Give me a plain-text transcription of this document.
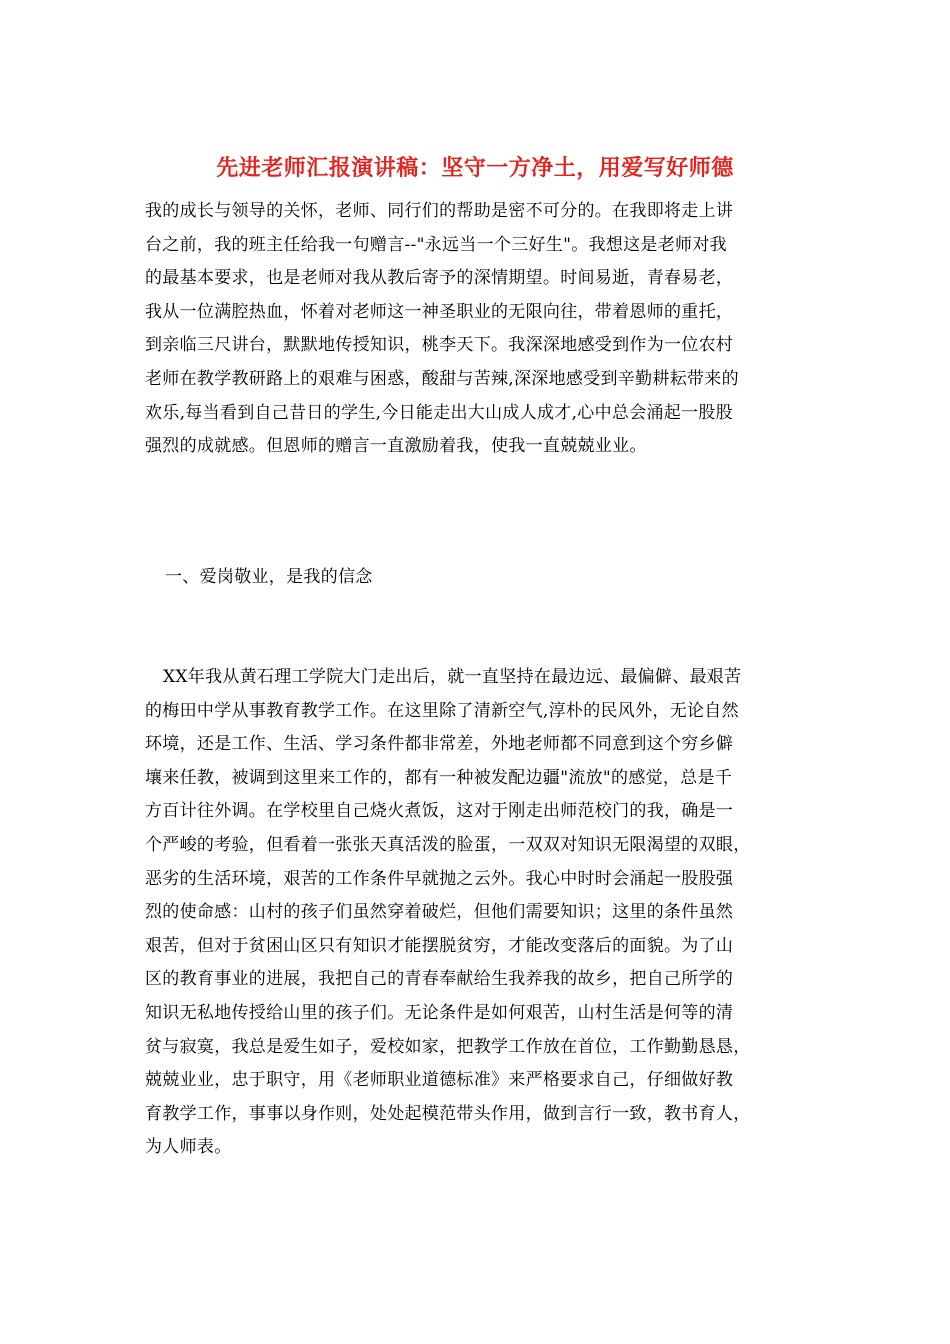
先进老师汇报演讲稿：坚守一方净土，用爱写好师德
我的成长与领导的关怀，老师、同行们的帮助是密不可分的。在我即将走上讲
台之前，我的班主任给我一句赠言--"永远当一个三好生"。我想这是老师对我
的最基本要求，也是老师对我从教后寄予的深情期望。时间易逝，青春易老，
我从一位满腔热血，怀着对老师这一神圣职业的无限向往，带着恩师的重托，
到亲临三尺讲台，默默地传授知识，桃李天下。我深深地感受到作为一位农村
老师在教学教研路上的艰难与困惑，酸甜与苦辣,深深地感受到辛勤耕耘带来的
欢乐,每当看到自己昔日的学生,今日能走出大山成人成才,心中总会涌起一股股
强烈的成就感。但恩师的赠言一直激励着我，使我一直兢兢业业。
一、爱岗敬业，是我的信念
XX年我从黄石理工学院大门走出后，就一直坚持在最边远、最偏僻、最艰苦
的梅田中学从事教育教学工作。在这里除了清新空气,淳朴的民风外，无论自然
环境，还是工作、生活、学习条件都非常差，外地老师都不同意到这个穷乡僻
壤来任教，被调到这里来工作的，都有一种被发配边疆"流放"的感觉，总是千
方百计往外调。在学校里自己烧火煮饭，这对于刚走出师范校门的我，确是一
个严峻的考验，但看着一张张天真活泼的脸蛋，一双双对知识无限渴望的双眼，
恶劣的生活环境，艰苦的工作条件早就抛之云外。我心中时时会涌起一股股强
烈的使命感：山村的孩子们虽然穿着破烂，但他们需要知识；这里的条件虽然
艰苦，但对于贫困山区只有知识才能摆脱贫穷，才能改变落后的面貌。为了山
区的教育事业的进展，我把自己的青春奉献给生我养我的故乡，把自己所学的
知识无私地传授给山里的孩子们。无论条件是如何艰苦，山村生活是何等的清
贫与寂寞，我总是爱生如子，爱校如家，把教学工作放在首位，工作勤勤恳恳，
兢兢业业，忠于职守，用《老师职业道德标准》来严格要求自己，仔细做好教
育教学工作，事事以身作则，处处起模范带头作用，做到言行一致，教书育人，
为人师表。
